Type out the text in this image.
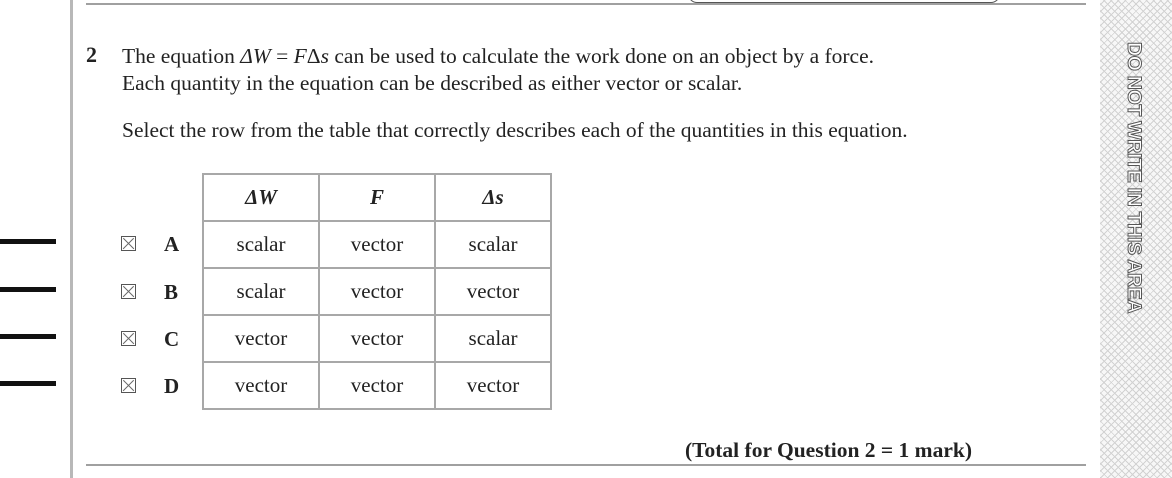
2 The equation ΔW = FΔs can be used to calculate the work done on an object by a force.
Each quantity in the equation can be described as either vector or scalar.
Select the row from the table that correctly describes each of the quantities in this equation.
ΔW	F	Δs
scalar	vector	scalar
scalar	vector	vector
vector	vector	scalar
vector	vector	vector
A
B
C
D
(Total for Question 2 = 1 mark)
DO NOT WRITE IN THIS AREA
